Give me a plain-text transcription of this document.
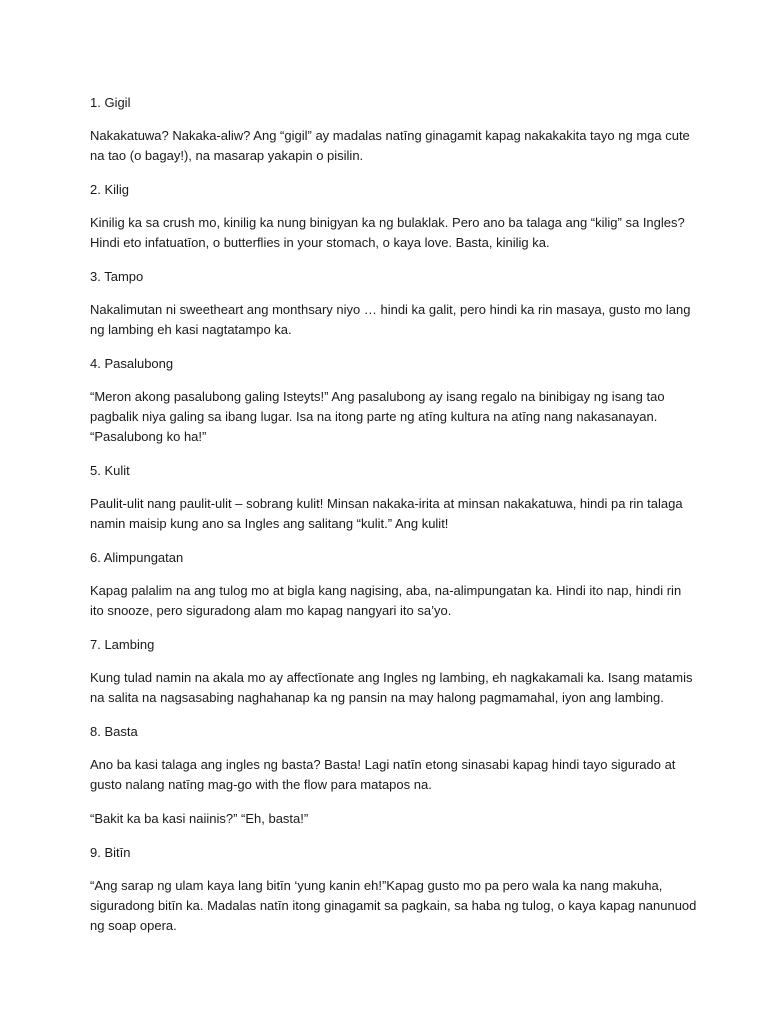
1. Gigil
Nakakatuwa? Nakaka-aliw? Ang “gigil” ay madalas natīng ginagamit kapag nakakakita tayo ng mga cute
na tao (o bagay!), na masarap yakapin o pisilin.
2. Kilig
Kinilig ka sa crush mo, kinilig ka nung binigyan ka ng bulaklak. Pero ano ba talaga ang “kilig” sa Ingles?
Hindi eto infatuatīon, o butterflies in your stomach, o kaya love. Basta, kinilig ka.
3. Tampo
Nakalimutan ni sweetheart ang monthsary niyo … hindi ka galit, pero hindi ka rin masaya, gusto mo lang
ng lambing eh kasi nagtatampo ka.
4. Pasalubong
“Meron akong pasalubong galing Isteyts!” Ang pasalubong ay isang regalo na binibigay ng isang tao
pagbalik niya galing sa ibang lugar. Isa na itong parte ng atīng kultura na atīng nang nakasanayan.
“Pasalubong ko ha!”
5. Kulit
Paulit-ulit nang paulit-ulit – sobrang kulit! Minsan nakaka-irita at minsan nakakatuwa, hindi pa rin talaga
namin maisip kung ano sa Ingles ang salitang “kulit.” Ang kulit!
6. Alimpungatan
Kapag palalim na ang tulog mo at bigla kang nagising, aba, na-alimpungatan ka. Hindi ito nap, hindi rin
ito snooze, pero siguradong alam mo kapag nangyari ito sa’yo.
7. Lambing
Kung tulad namin na akala mo ay affectīonate ang Ingles ng lambing, eh nagkakamali ka. Isang matamis
na salita na nagsasabing naghahanap ka ng pansin na may halong pagmamahal, iyon ang lambing.
8. Basta
Ano ba kasi talaga ang ingles ng basta? Basta! Lagi natīn etong sinasabi kapag hindi tayo sigurado at
gusto nalang natīng mag-go with the flow para matapos na.
“Bakit ka ba kasi naiinis?” “Eh, basta!”
9. Bitīn
“Ang sarap ng ulam kaya lang bitīn ‘yung kanin eh!”Kapag gusto mo pa pero wala ka nang makuha,
siguradong bitīn ka. Madalas natīn itong ginagamit sa pagkain, sa haba ng tulog, o kaya kapag nanunuod
ng soap opera.
